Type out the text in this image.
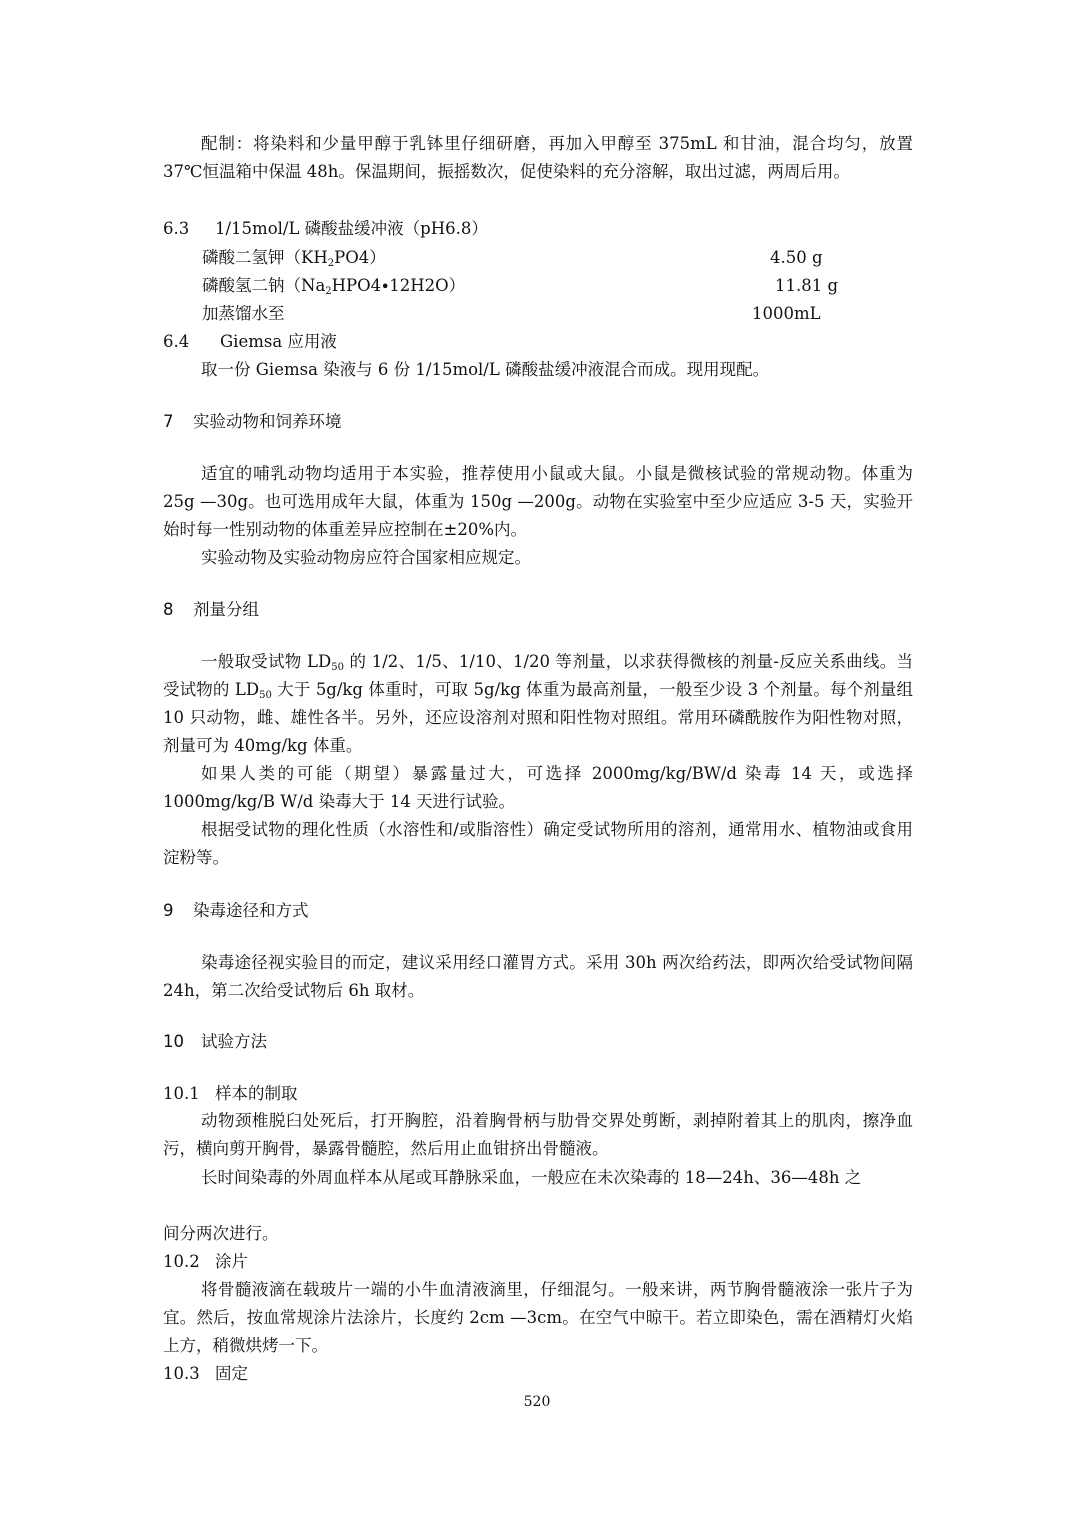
配制：将染料和少量甲醇于乳钵里仔细研磨，再加入甲醇至 375mL 和甘油，混合均匀，放置 37℃恒温箱中保温 48h。保温期间，振摇数次，促使染料的充分溶解，取出过滤，两周后用。

6.3 1/15mol/L 磷酸盐缓冲液（pH6.8）
磷酸二氢钾$(KH_2PO4)$	4.50 g
磷酸氢二钠$(Na_2HPO4\cdot 12H2O)$	11.81 g
加蒸馏水至	1000mL
6.4 Giemsa 应用液

取一份 Giemsa 染液与 6 份 1/15mol/L 磷酸盐缓冲液混合而成。现用现配。

7 实验动物和饲养环境

适宜的哺乳动物均适用于本实验，推荐使用小鼠或大鼠。小鼠是微核试验的常规动物。体重为 25g —30g。也可选用成年大鼠，体重为 150g —200g。动物在实验室中至少应适应 3-5 天，实验开始时每一性别动物的体重差异应控制在±20%内。

实验动物及实验动物房应符合国家相应规定。

8 剂量分组

一般取受试物 $LD_{50}$ 的 1/2、1/5、1/10、1/20 等剂量，以求获得微核的剂量-反应关系曲线。当受试物的 $LD_{50}$ 大于 5g/kg 体重时，可取 5g/kg 体重为最高剂量，一般至少设 3 个剂量。每个剂量组 10 只动物，雌、雄性各半。另外，还应设溶剂对照和阳性物对照组。常用环磷酰胺作为阳性物对照，剂量可为 40mg/kg 体重。

如果人类的可能（期望）暴露量过大，可选择 2000mg/kg/BW/d 染毒 14 天，或选择 1000mg/kg/B W/d 染毒大于 14 天进行试验。

根据受试物的理化性质（水溶性和/或脂溶性）确定受试物所用的溶剂，通常用水、植物油或食用淀粉等。

9 染毒途径和方式

染毒途径视实验目的而定，建议采用经口灌胃方式。采用 30h 两次给药法，即两次给受试物间隔 24h，第二次给受试物后 6h 取材。

10 试验方法
10.1 样本的制取

动物颈椎脱臼处死后，打开胸腔，沿着胸骨柄与肋骨交界处剪断，剥掉附着其上的肌肉，擦净血污，横向剪开胸骨，暴露骨髓腔，然后用止血钳挤出骨髓液。

长时间染毒的外周血样本从尾或耳静脉采血，一般应在未次染毒的 18—24h、36—48h 之

间分两次进行。

10.2 涂片

将骨髓液滴在载玻片一端的小牛血清液滴里，仔细混匀。一般来讲，两节胸骨髓液涂一张片子为宜。然后，按血常规涂片法涂片，长度约 2cm —3cm。在空气中晾干。若立即染色，需在酒精灯火焰上方，稍微烘烤一下。

10.3 固定
520
